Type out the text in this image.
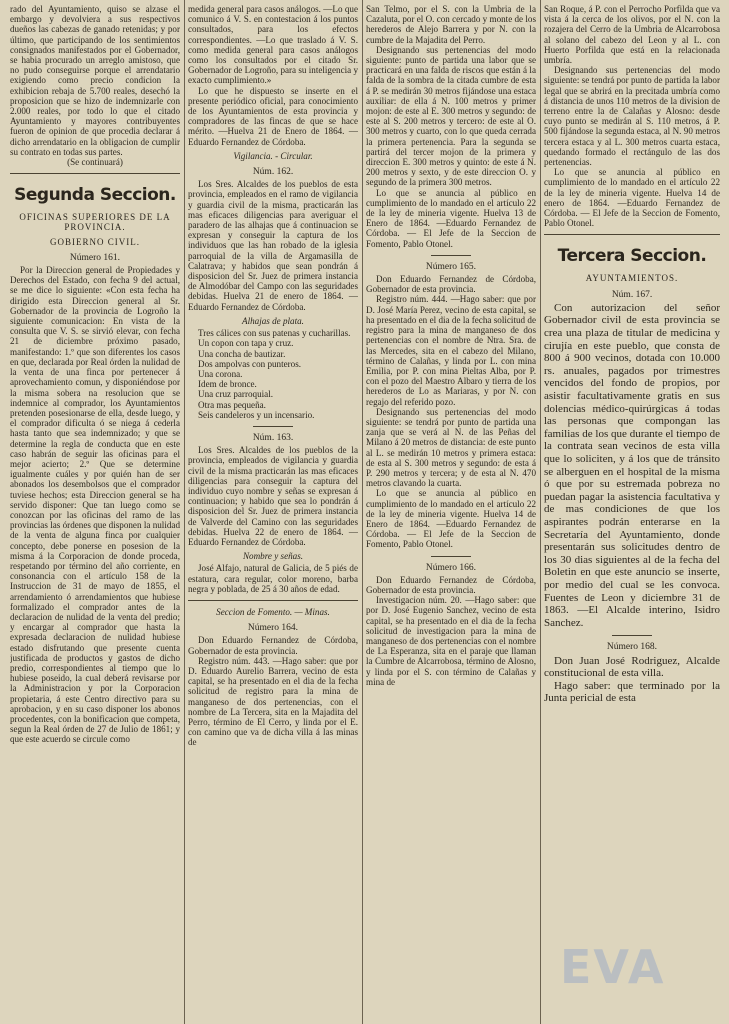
rado del Ayuntamiento, quiso se alzase el embargo y devolviera a sus respectivos dueños las cabezas de ganado retenidas; y por último, que participando de los sentimientos consignados manifestados por el Gobernador, se habia procurado un arreglo amistoso, que no pudo conseguirse porque el arrendatario exigiendo como precio condicion la exhibicion rebaja de 5.700 reales, desechó la proposicion que se hizo de indemnizarle con 2.000 reales, por todo lo que el citado Ayuntamiento y mayores contribuyentes fueron de opinion de que procedia declarar á dicho arrendatario en la obligacion de cumplir su contrato en todas sus partes.

(Se continuará)

Segunda Seccion.
OFICINAS SUPERIORES DE LA PROVINCIA.
GOBIERNO CIVIL.
Número 161.

Por la Direccion general de Propiedades y Derechos del Estado, con fecha 9 del actual, se me dice lo siguiente: «Con esta fecha ha dirigido esta Direccion general al Sr. Gobernador de la provincia de Logroño la siguiente comunicacion: En vista de la consulta que V. S. se sirvió elevar, con fecha 21 de diciembre próximo pasado, manifestando: 1.º que son diferentes los casos en que, declarada por Real órden la nulidad de la venta de una finca por pertenecer á aprovechamiento comun, y disponiéndose por la misma sobera na resolucion que se indemnice al comprador, los Ayuntamientos pretenden posesionarse de ella, desde luego, y el comprador dificulta ó se niega á cederla hasta tanto que sea indemnizado; y que se determine la regla de conducta que en este caso habrán de seguir las oficinas para el mejor acierto; 2.º Que se determine igualmente cuáles y por quién han de ser abonados los desembolsos que el comprador tuviese hechos; esta Direccion general se ha servido disponer: Que tan luego como se conozcan por las oficinas del ramo de las provincias las órdenes que disponen la nulidad de la venta de alguna finca por cualquier concepto, debe ponerse en posesion de la misma á la Corporacion de donde proceda, respetando por término del año corriente, en consonancia con el artículo 158 de la Instruccion de 31 de mayo de 1855, el arrendamiento ó arrendamientos que hubiese formalizado el comprador antes de la declaracion de nulidad de la venta del predio; y encargar al comprador que hasta la expresada declaracion de nulidad hubiese estado disfrutando que presente cuenta justificada de productos y gastos de dicho predio, correspondientes al tiempo que lo hubiese poseido, la cual deberá revisarse por la Administracion y por la Corporacion propietaria, á este Centro directivo para su aprobacion, y en su caso disponer los abonos procedentes, con la bonificacion que competa, segun la Real órden de 27 de Julio de 1861; y que este acuerdo se circule como

medida general para casos análogos. —Lo que comunico á V. S. en contestacion á los puntos consultados, para los efectos correspondientes. —Lo que traslado á V. S. como medida general para casos análogos como los consultados por el citado Sr. Gobernador de Logroño, para su inteligencia y exacto cumplimiento.»

Lo que he dispuesto se inserte en el presente periódico oficial, para conocimiento de los Ayuntamientos de esta provincia y compradores de las fincas de que se hace mérito. —Huelva 21 de Enero de 1864. — Eduardo Fernandez de Córdoba.

Vigilancia. - Circular.
Núm. 162.

Los Sres. Alcaldes de los pueblos de esta provincia, empleados en el ramo de vigilancia y guardia civil de la misma, practicarán las mas eficaces diligencias para averiguar el paradero de las alhajas que á continuacion se expresan y conseguir la captura de los individuos que las han robado de la iglesia parroquial de la villa de Argamasilla de Calatrava; y habidos que sean pondrán á disposicion del Sr. Juez de primera instancia de Almodóbar del Campo con las seguridades debidas. Huelva 21 de enero de 1864. — Eduardo Fernandez de Córdoba.

Alhajas de plata.

Tres cálices con sus patenas y cucharillas.

Un copon con tapa y cruz.

Una concha de bautizar.

Dos ampolvas con punteros.

Una corona.

Idem de bronce.

Una cruz parroquial.

Otra mas pequeña.

Seis candeleros y un incensario.

Núm. 163.

Los Sres. Alcaldes de los pueblos de la provincia, empleados de vigilancia y guardia civil de la misma practicarán las mas eficaces diligencias para conseguir la captura del individuo cuyo nombre y señas se expresan á continuacion; y habido que sea lo pondrán á disposicion del Sr. Juez de primera instancia de Valverde del Camino con las seguridades debidas. Huelva 22 de enero de 1864. —Eduardo Fernandez de Córdoba.

Nombre y señas.

José Alfajo, natural de Galicia, de 5 piés de estatura, cara regular, color moreno, barba negra y poblada, de 25 á 30 años de edad.

Seccion de Fomento. — Minas.
Número 164.

Don Eduardo Fernandez de Córdoba, Gobernador de esta provincia.

Registro núm. 443. —Hago saber: que por D. Eduardo Aurelio Barrera, vecino de esta capital, se ha presentado en el dia de la fecha solicitud de registro para la mina de manganeso de dos pertenencias, con el nombre de La Tercera, sita en la Majadita del Perro, término de El Cerro, y linda por el E. con camino que va de dicha villa á las minas de

San Telmo, por el S. con la Umbria de la Cazaluta, por el O. con cercado y monte de los herederos de Alejo Barrera y por N. con la cumbre de la Majadita del Perro.

Designando sus pertenencias del modo siguiente: punto de partida una labor que se practicará en una falda de riscos que están á la falda de la sombra de la citada cumbre de esta á P. se medirán 30 metros fijándose una estaca auxiliar: de ella á N. 100 metros y primer mojon: de este al E. 300 metros y segundo: de este al S. 200 metros y tercero: de este al O. 300 metros y cuarto, con lo que queda cerrada la primera pertenencia. Para la segunda se partirá del tercer mojon de la primera y direccion E. 300 metros y quinto: de este á N. 200 metros y sexto, y de este direccion O. y segundo de la primera 300 metros.

Lo que se anuncia al público en cumplimiento de lo mandado en el artículo 22 de la ley de mineria vigente. Huelva 13 de Enero de 1864. —Eduardo Fernandez de Córdoba. — El Jefe de la Seccion de Fomento, Pablo Otonel.

Número 165.

Don Eduardo Fernandez de Córdoba, Gobernador de esta provincia.

Registro núm. 444. —Hago saber: que por D. José María Perez, vecino de esta capital, se ha presentado en el dia de la fecha solicitud de registro para la mina de manganeso de dos pertenencias con el nombre de Ntra. Sra. de las Mercedes, sita en el cabezo del Milano, término de Calañas, y linda por L. con mina Emilia, por P. con mina Pieltas Alba, por P. con el pozo del Maestro Albaro y tierra de los herederos de Lo as Mariaras, y por N. con regajo del referido pozo.

Designando sus pertenencias del modo siguiente: se tendrá por punto de partida una zanja que se verá al N. de las Peñas del Milano á 20 metros de distancia: de este punto al L. se medirán 10 metros y primera estaca: de esta al S. 300 metros y segundo: de esta á P. 290 metros y tercera; y de esta al N. 470 metros clavando la cuarta.

Lo que se anuncia al público en cumplimiento de lo mandado en el artículo 22 de la ley de mineria vigente. Huelva 14 de Enero de 1864. —Eduardo Fernandez de Córdoba. — El Jefe de la Seccion de Fomento, Pablo Otonel.

Número 166.

Don Eduardo Fernandez de Córdoba, Gobernador de esta provincia.

Investigacion núm. 20. —Hago saber: que por D. José Eugenio Sanchez, vecino de esta capital, se ha presentado en el dia de la fecha solicitud de investigacion para la mina de manganeso de dos pertenencias con el nombre de La Esperanza, sita en el paraje que llaman la Cumbre de Alcarrobosa, término de Alosno, y linda por el S. con término de Calañas y mina de

San Roque, á P. con el Perrocho Porfilda que va vista á la cerca de los olivos, por el N. con la rozajera del Cerro de la Umbria de Alcarrobosa al solano del cabezo del Leon y al L. con Huerto Porfilda que está en la relacionada umbría.

Designando sus pertenencias del modo siguiente: se tendrá por punto de partida la labor legal que se abrirá en la precitada umbría como á distancia de unos 110 metros de la division de terreno entre la de Calañas y Alosno: desde cuyo punto se medirán al S. 110 metros, á P. 500 fijándose la segunda estaca, al N. 90 metros tercera estaca y al L. 300 metros cuarta estaca, quedando formado el rectángulo de las dos pertenencias.

Lo que se anuncia al público en cumplimiento de lo mandado en el artículo 22 de la ley de mineria vigente. Huelva 14 de enero de 1864. —Eduardo Fernandez de Córdoba. — El Jefe de la Seccion de Fomento, Pablo Otonel.

Tercera Seccion.
AYUNTAMIENTOS.
Núm. 167.

Con autorizacion del señor Gobernador civil de esta provincia se crea una plaza de titular de medicina y cirujía en este pueblo, que consta de 800 á 900 vecinos, dotada con 10.000 rs. anuales, pagados por trimestres vencidos del fondo de propios, por asistir facultativamente gratis en sus dolencias médico-quirúrgicas á todas las personas que compongan las familias de los que durante el tiempo de la contrata sean vecinos de esta villa que lo soliciten, y á los que de tránsito se alberguen en el hospital de la misma ó que por su estremada pobreza no puedan pagar la asistencia facultativa y de mas condiciones de que los aspirantes podrán enterarse en la Secretaría del Ayuntamiento, donde presentarán sus solicitudes dentro de los 30 dias siguientes al de la fecha del Boletin en que este anuncio se inserte, por medio del cual se les convoca. Fuentes de Leon y diciembre 31 de 1863. —El Alcalde interino, Isidro Sanchez.

Número 168.

Don Juan José Rodriguez, Alcalde constitucional de esta villa.

Hago saber: que terminado por la Junta pericial de esta

EVA
